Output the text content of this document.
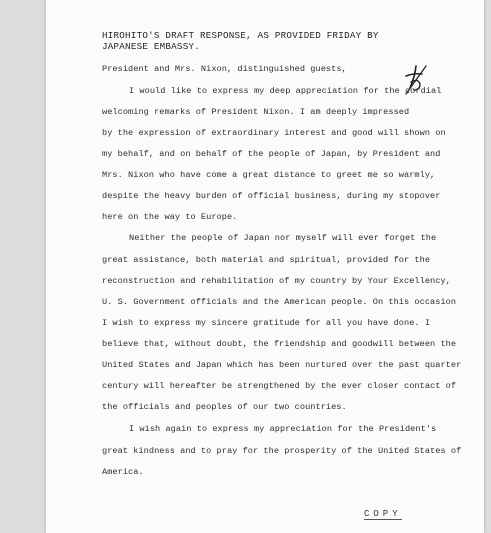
HIROHITO'S DRAFT RESPONSE, AS PROVIDED FRIDAY BY
JAPANESE EMBASSY.
President and Mrs. Nixon, distinguished guests,
I would like to express my deep appreciation for the cordial
welcoming remarks of President Nixon. I am deeply impressed
by the expression of extraordinary interest and good will shown on
my behalf, and on behalf of the people of Japan, by President and
Mrs. Nixon who have come a great distance to greet me so warmly,
despite the heavy burden of official business, during my stopover
here on the way to Europe.
Neither the people of Japan nor myself will ever forget the
great assistance, both material and spiritual, provided for the
reconstruction and rehabilitation of my country by Your Excellency,
U. S. Government officials and the American people. On this occasion
I wish to express my sincere gratitude for all you have done. I
believe that, without doubt, the friendship and goodwill between the
United States and Japan which has been nurtured over the past quarter
century will hereafter be strengthened by the ever closer contact of
the officials and peoples of our two countries.
I wish again to express my appreciation for the President's
great kindness and to pray for the prosperity of the United States of
America.
COPY
